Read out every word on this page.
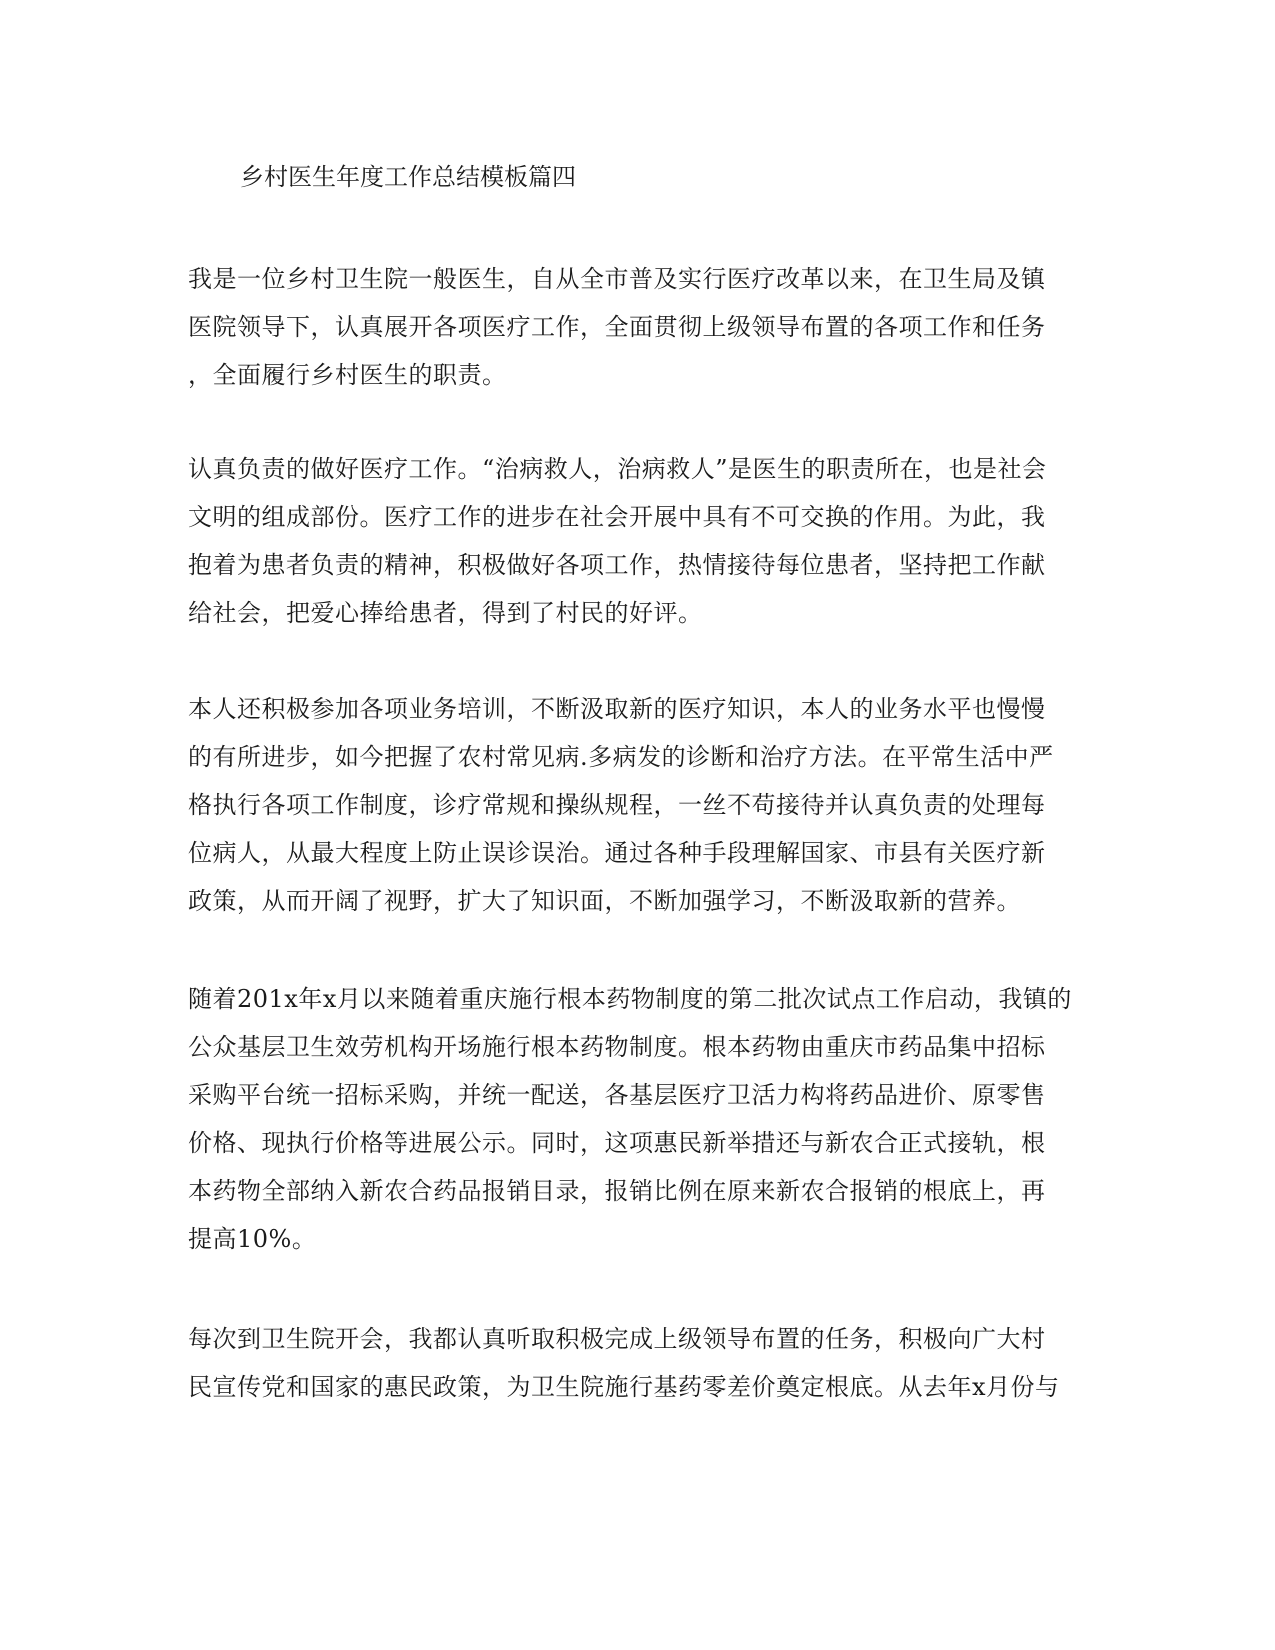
乡村医生年度工作总结模板篇四
我是一位乡村卫生院一般医生，自从全市普及实行医疗改革以来，在卫生局及镇
医院领导下，认真展开各项医疗工作，全面贯彻上级领导布置的各项工作和任务
，全面履行乡村医生的职责。
认真负责的做好医疗工作。“治病救人，治病救人”是医生的职责所在，也是社会
文明的组成部份。医疗工作的进步在社会开展中具有不可交换的作用。为此，我
抱着为患者负责的精神，积极做好各项工作，热情接待每位患者，坚持把工作献
给社会，把爱心捧给患者，得到了村民的好评。
本人还积极参加各项业务培训，不断汲取新的医疗知识，本人的业务水平也慢慢
的有所进步，如今把握了农村常见病.多病发的诊断和治疗方法。在平常生活中严
格执行各项工作制度，诊疗常规和操纵规程，一丝不苟接待并认真负责的处理每
位病人，从最大程度上防止误诊误治。通过各种手段理解国家、市县有关医疗新
政策，从而开阔了视野，扩大了知识面，不断加强学习，不断汲取新的营养。
随着201x年x月以来随着重庆施行根本药物制度的第二批次试点工作启动，我镇的
公众基层卫生效劳机构开场施行根本药物制度。根本药物由重庆市药品集中招标
采购平台统一招标采购，并统一配送，各基层医疗卫活力构将药品进价、原零售
价格、现执行价格等进展公示。同时，这项惠民新举措还与新农合正式接轨，根
本药物全部纳入新农合药品报销目录，报销比例在原来新农合报销的根底上，再
提高10%。
每次到卫生院开会，我都认真听取积极完成上级领导布置的任务，积极向广大村
民宣传党和国家的惠民政策，为卫生院施行基药零差价奠定根底。从去年x月份与
